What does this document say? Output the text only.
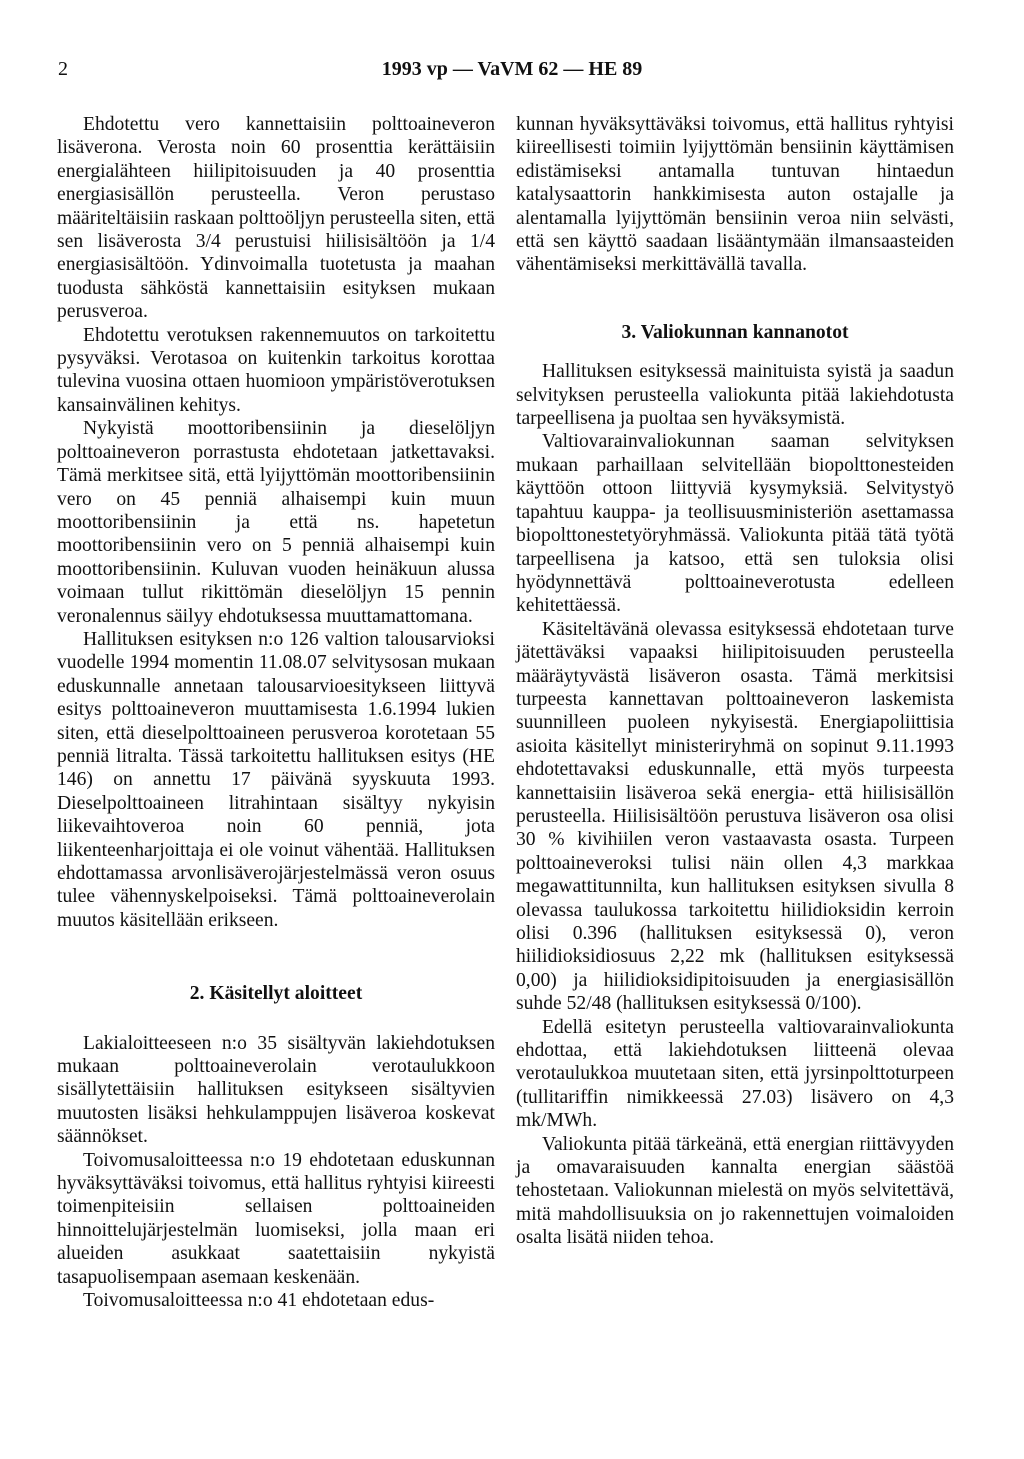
2	1993 vp — VaVM 62 — HE 89

Ehdotettu vero kannettaisiin polttoaineveron lisäverona. Verosta noin 60 prosenttia kerättäisiin energialähteen hiilipitoisuuden ja 40 prosenttia energiasisällön perusteella. Veron perustaso määriteltäisiin raskaan polttoöljyn perusteella siten, että sen lisäverosta 3/4 perustuisi hiilisisältöön ja 1/4 energiasisältöön. Ydinvoimalla tuotetusta ja maahan tuodusta sähköstä kannettaisiin esityksen mukaan perusveroa.

Ehdotettu verotuksen rakennemuutos on tarkoitettu pysyväksi. Verotasoa on kuitenkin tarkoitus korottaa tulevina vuosina ottaen huomioon ympäristöverotuksen kansainvälinen kehitys.

Nykyistä moottoribensiinin ja dieselöljyn polttoaineveron porrastusta ehdotetaan jatkettavaksi. Tämä merkitsee sitä, että lyijyttömän moottoribensiinin vero on 45 penniä alhaisempi kuin muun moottoribensiinin ja että ns. hapetetun moottoribensiinin vero on 5 penniä alhaisempi kuin moottoribensiinin. Kuluvan vuoden heinäkuun alussa voimaan tullut rikittömän dieselöljyn 15 pennin veronalennus säilyy ehdotuksessa muuttamattomana.

Hallituksen esityksen n:o 126 valtion talousarvioksi vuodelle 1994 momentin 11.08.07 selvitysosan mukaan eduskunnalle annetaan talousarvioesitykseen liittyvä esitys polttoaineveron muuttamisesta 1.6.1994 lukien siten, että dieselpolttoaineen perusveroa korotetaan 55 penniä litralta. Tässä tarkoitettu hallituksen esitys (HE 146) on annettu 17 päivänä syyskuuta 1993. Dieselpolttoaineen litrahintaan sisältyy nykyisin liikevaihtoveroa noin 60 penniä, jota liikenteenharjoittaja ei ole voinut vähentää. Hallituksen ehdottamassa arvonlisäverojärjestelmässä veron osuus tulee vähennyskelpoiseksi. Tämä polttoaineverolain muutos käsitellään erikseen.

2. Käsitellyt aloitteet

Lakialoitteeseen n:o 35 sisältyvän lakiehdotuksen mukaan polttoaineverolain verotaulukkoon sisällytettäisiin hallituksen esitykseen sisältyvien muutosten lisäksi hehkulamppujen lisäveroa koskevat säännökset.

Toivomusaloitteessa n:o 19 ehdotetaan eduskunnan hyväksyttäväksi toivomus, että hallitus ryhtyisi kiireesti toimenpiteisiin sellaisen polttoaineiden hinnoittelujärjestelmän luomiseksi, jolla maan eri alueiden asukkaat saatettaisiin nykyistä tasapuolisempaan asemaan keskenään.

Toivomusaloitteessa n:o 41 ehdotetaan edus-

kunnan hyväksyttäväksi toivomus, että hallitus ryhtyisi kiireellisesti toimiin lyijyttömän bensiinin käyttämisen edistämiseksi antamalla tuntuvan hintaedun katalysaattorin hankkimisesta auton ostajalle ja alentamalla lyijyttömän bensiinin veroa niin selvästi, että sen käyttö saadaan lisääntymään ilmansaasteiden vähentämiseksi merkittävällä tavalla.

3. Valiokunnan kannanotot

Hallituksen esityksessä mainituista syistä ja saadun selvityksen perusteella valiokunta pitää lakiehdotusta tarpeellisena ja puoltaa sen hyväksymistä.

Valtiovarainvaliokunnan saaman selvityksen mukaan parhaillaan selvitellään biopolttonesteiden käyttöön ottoon liittyviä kysymyksiä. Selvitystyö tapahtuu kauppa- ja teollisuusministeriön asettamassa biopolttonestetyöryhmässä. Valiokunta pitää tätä työtä tarpeellisena ja katsoo, että sen tuloksia olisi hyödynnettävä polttoaineverotusta edelleen kehitettäessä.

Käsiteltävänä olevassa esityksessä ehdotetaan turve jätettäväksi vapaaksi hiilipitoisuuden perusteella määräytyvästä lisäveron osasta. Tämä merkitsisi turpeesta kannettavan polttoaineveron laskemista suunnilleen puoleen nykyisestä. Energiapoliittisia asioita käsitellyt ministeriryhmä on sopinut 9.11.1993 ehdotettavaksi eduskunnalle, että myös turpeesta kannettaisiin lisäveroa sekä energia- että hiilisisällön perusteella. Hiilisisältöön perustuva lisäveron osa olisi 30 % kivihiilen veron vastaavasta osasta. Turpeen polttoaineveroksi tulisi näin ollen 4,3 markkaa megawattitunnilta, kun hallituksen esityksen sivulla 8 olevassa taulukossa tarkoitettu hiilidioksidin kerroin olisi 0.396 (hallituksen esityksessä 0), veron hiilidioksidiosuus 2,22 mk (hallituksen esityksessä 0,00) ja hiilidioksidipitoisuuden ja energiasisällön suhde 52/48 (hallituksen esityksessä 0/100).

Edellä esitetyn perusteella valtiovarainvaliokunta ehdottaa, että lakiehdotuksen liitteenä olevaa verotaulukkoa muutetaan siten, että jyrsinpolttoturpeen (tullitariffin nimikkeessä 27.03) lisävero on 4,3 mk/MWh.

Valiokunta pitää tärkeänä, että energian riittävyyden ja omavaraisuuden kannalta energian säästöä tehostetaan. Valiokunnan mielestä on myös selvitettävä, mitä mahdollisuuksia on jo rakennettujen voimaloiden osalta lisätä niiden tehoa.
